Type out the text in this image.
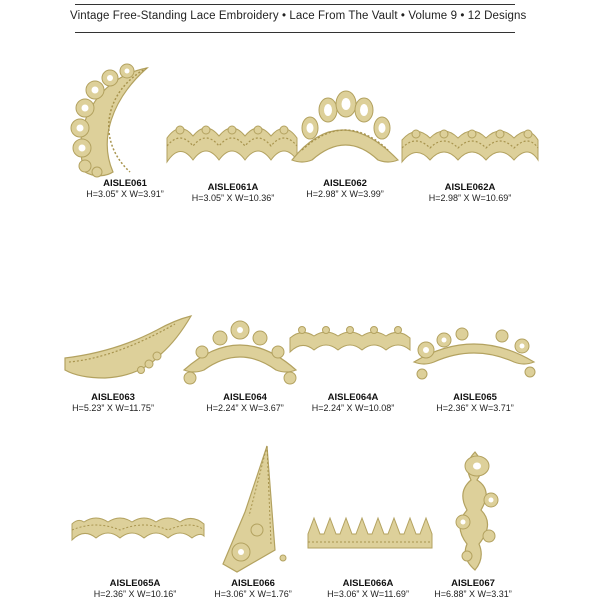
Vintage Free-Standing Lace Embroidery • Lace From The Vault • Volume 9 • 12 Designs
AISLE061
H=3.05” X W=3.91”
AISLE061A
H=3.05” X W=10.36”
AISLE062
H=2.98” X W=3.99”
AISLE062A
H=2.98” X W=10.69”
AISLE063
H=5.23” X W=11.75”
AISLE064
H=2.24” X W=3.67”
AISLE064A
H=2.24” X W=10.08”
AISLE065
H=2.36” X W=3.71”
AISLE065A
H=2.36” X W=10.16”
AISLE066
H=3.06” X W=1.76”
AISLE066A
H=3.06” X W=11.69”
AISLE067
H=6.88” X W=3.31”
